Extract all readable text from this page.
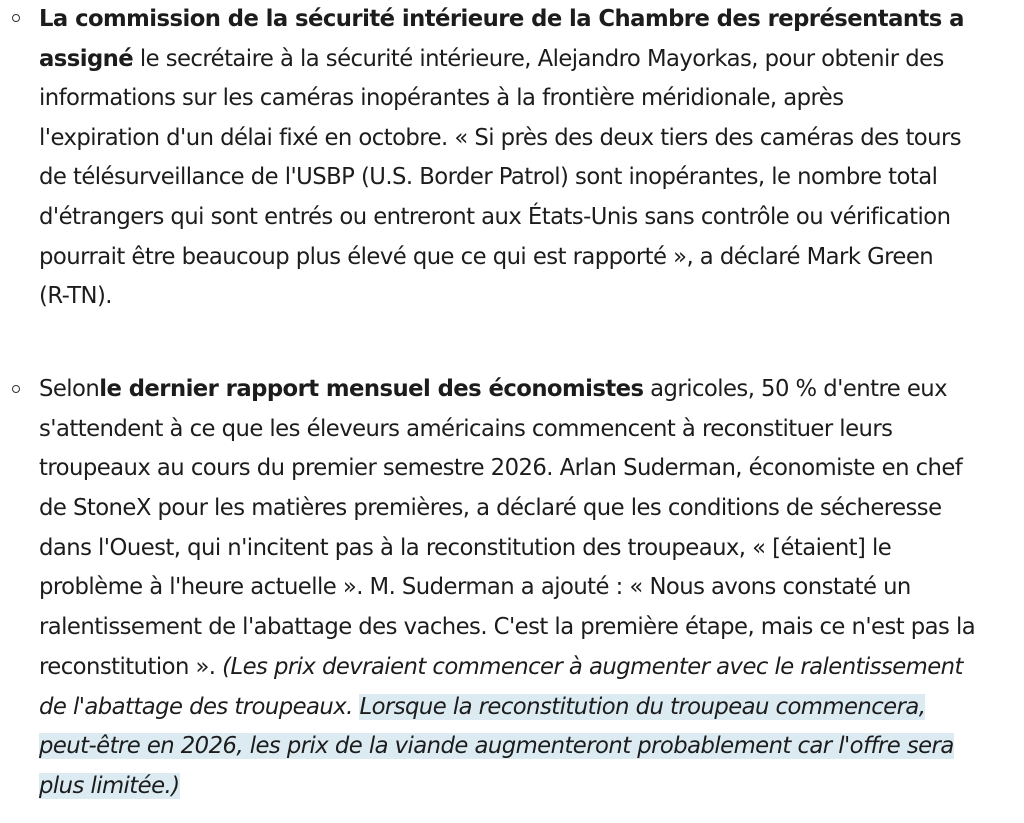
La commission de la sécurité intérieure de la Chambre des représentants a
assigné le secrétaire à la sécurité intérieure, Alejandro Mayorkas, pour obtenir des
informations sur les caméras inopérantes à la frontière méridionale, après
l'expiration d'un délai fixé en octobre. « Si près des deux tiers des caméras des tours
de télésurveillance de l'USBP (U.S. Border Patrol) sont inopérantes, le nombre total
d'étrangers qui sont entrés ou entreront aux États-Unis sans contrôle ou vérification
pourrait être beaucoup plus élevé que ce qui est rapporté », a déclaré Mark Green
(R-TN).
Selonle dernier rapport mensuel des économistes agricoles, 50 % d'entre eux
s'attendent à ce que les éleveurs américains commencent à reconstituer leurs
troupeaux au cours du premier semestre 2026. Arlan Suderman, économiste en chef
de StoneX pour les matières premières, a déclaré que les conditions de sécheresse
dans l'Ouest, qui n'incitent pas à la reconstitution des troupeaux, « [étaient] le
problème à l'heure actuelle ». M. Suderman a ajouté : « Nous avons constaté un
ralentissement de l'abattage des vaches. C'est la première étape, mais ce n'est pas la
reconstitution ». (Les prix devraient commencer à augmenter avec le ralentissement
de l'abattage des troupeaux. Lorsque la reconstitution du troupeau commencera,
peut-être en 2026, les prix de la viande augmenteront probablement car l'offre sera
plus limitée.)
